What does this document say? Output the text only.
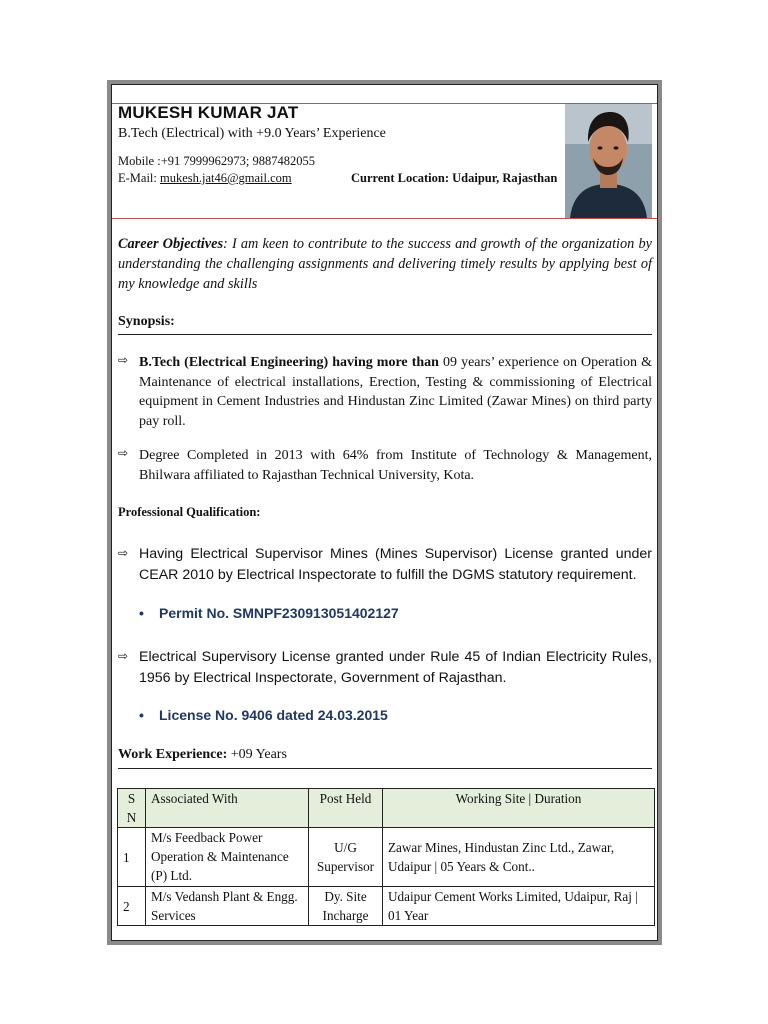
MUKESH KUMAR JAT
B.Tech (Electrical) with +9.0 Years’ Experience
Mobile :+91 7999962973; 9887482055
E-Mail: mukesh.jat46@gmail.com	Current Location: Udaipur, Rajasthan
Career Objectives: I am keen to contribute to the success and growth of the organization by understanding the challenging assignments and delivering timely results by applying best of my knowledge and skills
Synopsis:
⇨ B.Tech (Electrical Engineering) having more than 09 years’ experience on Operation & Maintenance of electrical installations, Erection, Testing & commissioning of Electrical equipment in Cement Industries and Hindustan Zinc Limited (Zawar Mines) on third party pay roll.
⇨ Degree Completed in 2013 with 64% from Institute of Technology & Management, Bhilwara affiliated to Rajasthan Technical University, Kota.
Professional Qualification:
⇨ Having Electrical Supervisor Mines (Mines Supervisor) License granted under CEAR 2010 by Electrical Inspectorate to fulfill the DGMS statutory requirement.
• Permit No. SMNPF230913051402127
⇨ Electrical Supervisory License granted under Rule 45 of Indian Electricity Rules, 1956 by Electrical Inspectorate, Government of Rajasthan.
• License No. 9406 dated 24.03.2015
Work Experience: +09 Years
S N	Associated With	Post Held	Working Site | Duration
1	M/s Feedback Power Operation & Maintenance (P) Ltd.	U/G Supervisor	Zawar Mines, Hindustan Zinc Ltd., Zawar, Udaipur | 05 Years & Cont..
2	M/s Vedansh Plant & Engg. Services	Dy. Site Incharge	Udaipur Cement Works Limited, Udaipur, Raj | 01 Year
